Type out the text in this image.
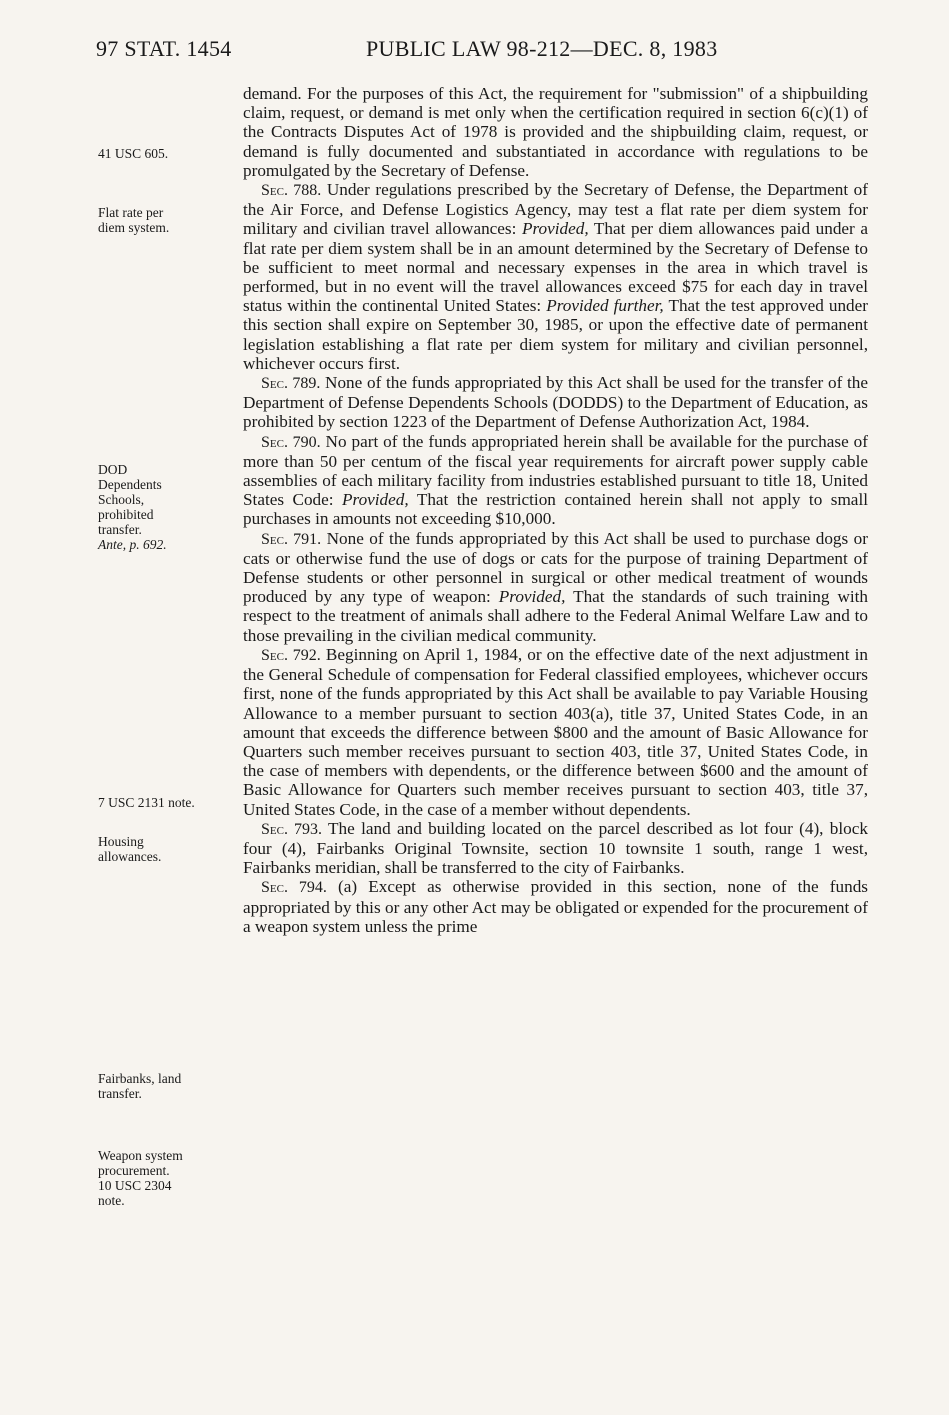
97 STAT. 1454	PUBLIC LAW 98-212—DEC. 8, 1983
41 USC 605.
Flat rate per
diem system.
DOD
Dependents
Schools,
prohibited
transfer.
Ante, p. 692.
7 USC 2131 note.
Housing
allowances.
Fairbanks, land
transfer.
Weapon system
procurement.
10 USC 2304
note.

demand. For the purposes of this Act, the requirement for "submission" of a shipbuilding claim, request, or demand is met only when the certification required in section 6(c)(1) of the Contracts Disputes Act of 1978 is provided and the shipbuilding claim, request, or demand is fully documented and substantiated in accordance with regulations to be promulgated by the Secretary of Defense.

Sec. 788. Under regulations prescribed by the Secretary of Defense, the Department of the Air Force, and Defense Logistics Agency, may test a flat rate per diem system for military and civilian travel allowances: Provided, That per diem allowances paid under a flat rate per diem system shall be in an amount determined by the Secretary of Defense to be sufficient to meet normal and necessary expenses in the area in which travel is performed, but in no event will the travel allowances exceed $75 for each day in travel status within the continental United States: Provided further, That the test approved under this section shall expire on September 30, 1985, or upon the effective date of permanent legislation establishing a flat rate per diem system for military and civilian personnel, whichever occurs first.

Sec. 789. None of the funds appropriated by this Act shall be used for the transfer of the Department of Defense Dependents Schools (DODDS) to the Department of Education, as prohibited by section 1223 of the Department of Defense Authorization Act, 1984.

Sec. 790. No part of the funds appropriated herein shall be available for the purchase of more than 50 per centum of the fiscal year requirements for aircraft power supply cable assemblies of each military facility from industries established pursuant to title 18, United States Code: Provided, That the restriction contained herein shall not apply to small purchases in amounts not exceeding $10,000.

Sec. 791. None of the funds appropriated by this Act shall be used to purchase dogs or cats or otherwise fund the use of dogs or cats for the purpose of training Department of Defense students or other personnel in surgical or other medical treatment of wounds produced by any type of weapon: Provided, That the standards of such training with respect to the treatment of animals shall adhere to the Federal Animal Welfare Law and to those prevailing in the civilian medical community.

Sec. 792. Beginning on April 1, 1984, or on the effective date of the next adjustment in the General Schedule of compensation for Federal classified employees, whichever occurs first, none of the funds appropriated by this Act shall be available to pay Variable Housing Allowance to a member pursuant to section 403(a), title 37, United States Code, in an amount that exceeds the difference between $800 and the amount of Basic Allowance for Quarters such member receives pursuant to section 403, title 37, United States Code, in the case of members with dependents, or the difference between $600 and the amount of Basic Allowance for Quarters such member receives pursuant to section 403, title 37, United States Code, in the case of a member without dependents.

Sec. 793. The land and building located on the parcel described as lot four (4), block four (4), Fairbanks Original Townsite, section 10 townsite 1 south, range 1 west, Fairbanks meridian, shall be transferred to the city of Fairbanks.

Sec. 794. (a) Except as otherwise provided in this section, none of the funds appropriated by this or any other Act may be obligated or expended for the procurement of a weapon system unless the prime
